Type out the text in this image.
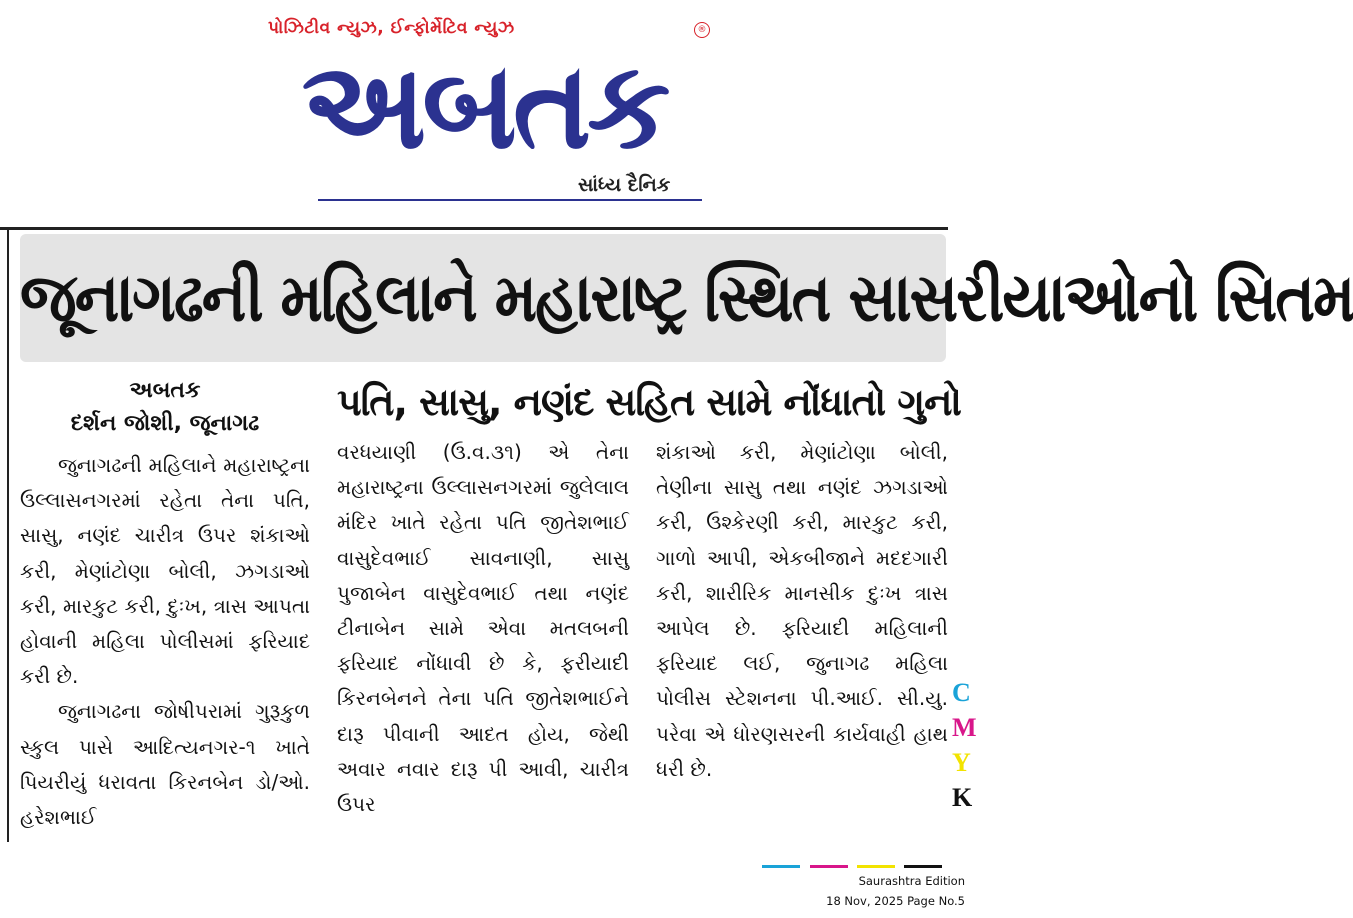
પોઝિટીવ ન્યુઝ, ઈન્ફોર્મેટિવ ન્યુઝ	®
અબતક
સાંધ્ય દૈનિક
જૂનાગઢની મહિલાને મહારાષ્ટ્ર સ્થિત સાસરીયાઓનો સિતમ
અબતક
દર્શન જોશી, જૂનાગઢ	પતિ, સાસુ, નણંદ સહિત સામે નોંધાતો ગુનો

જુનાગઢની મહિલાને મહારાષ્ટ્રના ઉલ્લાસનગરમાં રહેતા તેના પતિ, સાસુ, નણંદ ચારીત્ર ઉપર શંકાઓ કરી, મેણાંટોણા બોલી, ઝગડાઓ કરી, મારકુટ કરી, દુઃખ, ત્રાસ આપતા હોવાની મહિલા પોલીસમાં ફરિયાદ કરી છે.

જુનાગઢના જોષીપરામાં ગુરૂકુળ સ્કુલ પાસે આદિત્યનગર-૧ ખાતે પિયરીયું ધરાવતા કિરનબેન ડો/ઓ. હરેશભાઈ

વરધયાણી (ઉ.વ.૩૧) એ તેના મહારાષ્ટ્રના ઉલ્લાસનગરમાં જુલેલાલ મંદિર ખાતે રહેતા પતિ જીતેશભાઈ વાસુદેવભાઈ સાવનાણી, સાસુ પુજાબેન વાસુદેવભાઈ તથા નણંદ ટીનાબેન સામે એવા મતલબની ફરિયાદ નોંધાવી છે કે, ફરીયાદી કિરનબેનને તેના પતિ જીતેશભાઈને દારૂ પીવાની આદત હોય, જેથી અવાર નવાર દારૂ પી આવી, ચારીત્ર ઉપર

શંકાઓ કરી, મેણાંટોણા બોલી, તેણીના સાસુ તથા નણંદ ઝગડાઓ કરી, ઉશ્કેરણી કરી, મારકુટ કરી, ગાળો આપી, એકબીજાને મદદગારી કરી, શારીરિક માનસીક દુઃખ ત્રાસ આપેલ છે. ફરિયાદી મહિલાની ફરિયાદ લઈ, જુનાગઢ મહિલા પોલીસ સ્ટેશનના પી.આઈ. સી.યુ. પરેવા એ ધોરણસરની કાર્યવાહી હાથ ધરી છે.

C
M
Y
K
Saurashtra Edition
18 Nov, 2025 Page No.5
